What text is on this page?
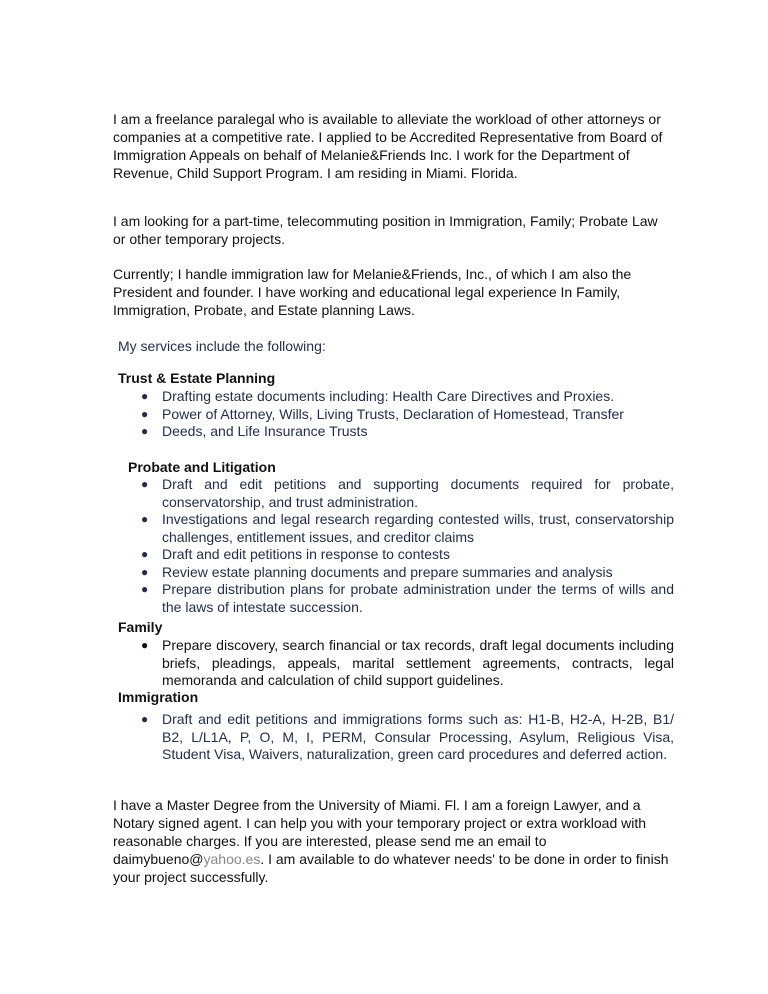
I am a freelance paralegal who is available to alleviate the workload of other attorneys or companies at a competitive rate. I applied to be Accredited Representative from Board of Immigration Appeals on behalf of Melanie&Friends Inc. I work for the Department of Revenue, Child Support Program. I am residing in Miami. Florida.

I am looking for a part-time, telecommuting position in Immigration, Family; Probate Law or other temporary projects.

Currently; I handle immigration law for Melanie&Friends, Inc., of which I am also the President and founder. I have working and educational legal experience In Family, Immigration, Probate, and Estate planning Laws.

My services include the following:

Trust & Estate Planning

● Drafting estate documents including: Health Care Directives and Proxies.
● Power of Attorney, Wills, Living Trusts, Declaration of Homestead, Transfer
● Deeds, and Life Insurance Trusts

Probate and Litigation

● Draft and edit petitions and supporting documents required for probate, conservatorship, and trust administration.
● Investigations and legal research regarding contested wills, trust, conservatorship challenges, entitlement issues, and creditor claims
● Draft and edit petitions in response to contests
● Review estate planning documents and prepare summaries and analysis
● Prepare distribution plans for probate administration under the terms of wills and the laws of intestate succession.

Family

● Prepare discovery, search financial or tax records, draft legal documents including briefs, pleadings, appeals, marital settlement agreements, contracts, legal memoranda and calculation of child support guidelines.

Immigration

● Draft and edit petitions and immigrations forms such as: H1-B, H2-A, H-2B, B1/ B2, L/L1A, P, O, M, I, PERM, Consular Processing, Asylum, Religious Visa, Student Visa, Waivers, naturalization, green card procedures and deferred action.

I have a Master Degree from the University of Miami. Fl. I am a foreign Lawyer, and a Notary signed agent. I can help you with your temporary project or extra workload with reasonable charges. If you are interested, please send me an email to daimybueno@yahoo.es. I am available to do whatever needs' to be done in order to finish your project successfully.
